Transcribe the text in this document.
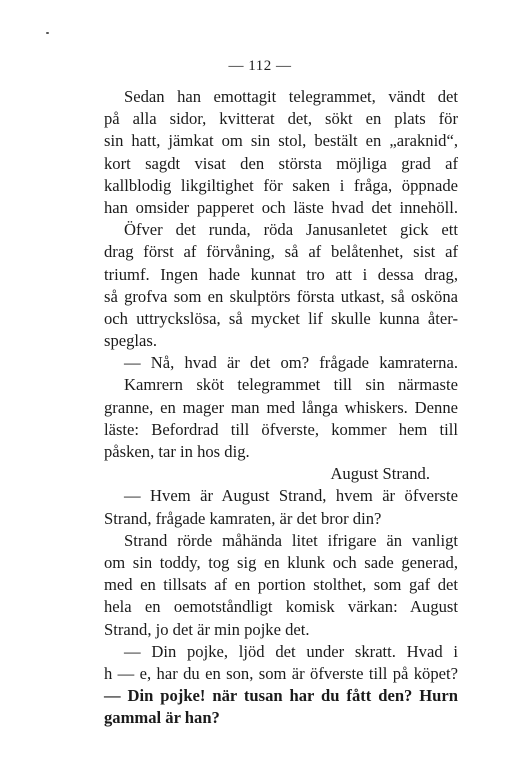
— 112 —
Sedan han emottagit telegrammet, vändt det
på alla sidor, kvitterat det, sökt en plats för
sin hatt, jämkat om sin stol, bestält en „araknid“,
kort sagdt visat den största möjliga grad af
kallblodig likgiltighet för saken i fråga, öppnade
han omsider papperet och läste hvad det innehöll.
Öfver det runda, röda Janusanletet gick ett
drag först af förvåning, så af belåtenhet, sist af
triumf. Ingen hade kunnat tro att i dessa drag,
så grofva som en skulptörs första utkast, så osköna
och uttryckslösa, så mycket lif skulle kunna åter-
speglas.
— Nå, hvad är det om? frågade kamraterna.
Kamrern sköt telegrammet till sin närmaste
granne, en mager man med långa whiskers. Denne
läste: Befordrad till öfverste, kommer hem till
påsken, tar in hos dig.
August Strand.
— Hvem är August Strand, hvem är öfverste
Strand, frågade kamraten, är det bror din?
Strand rörde måhända litet ifrigare än vanligt
om sin toddy, tog sig en klunk och sade generad,
med en tillsats af en portion stolthet, som gaf det
hela en oemotståndligt komisk värkan: August
Strand, jo det är min pojke det.
— Din pojke, ljöd det under skratt. Hvad i
h — e, har du en son, som är öfverste till på köpet?
— Din pojke! när tusan har du fått den? Hurn
gammal är han?
